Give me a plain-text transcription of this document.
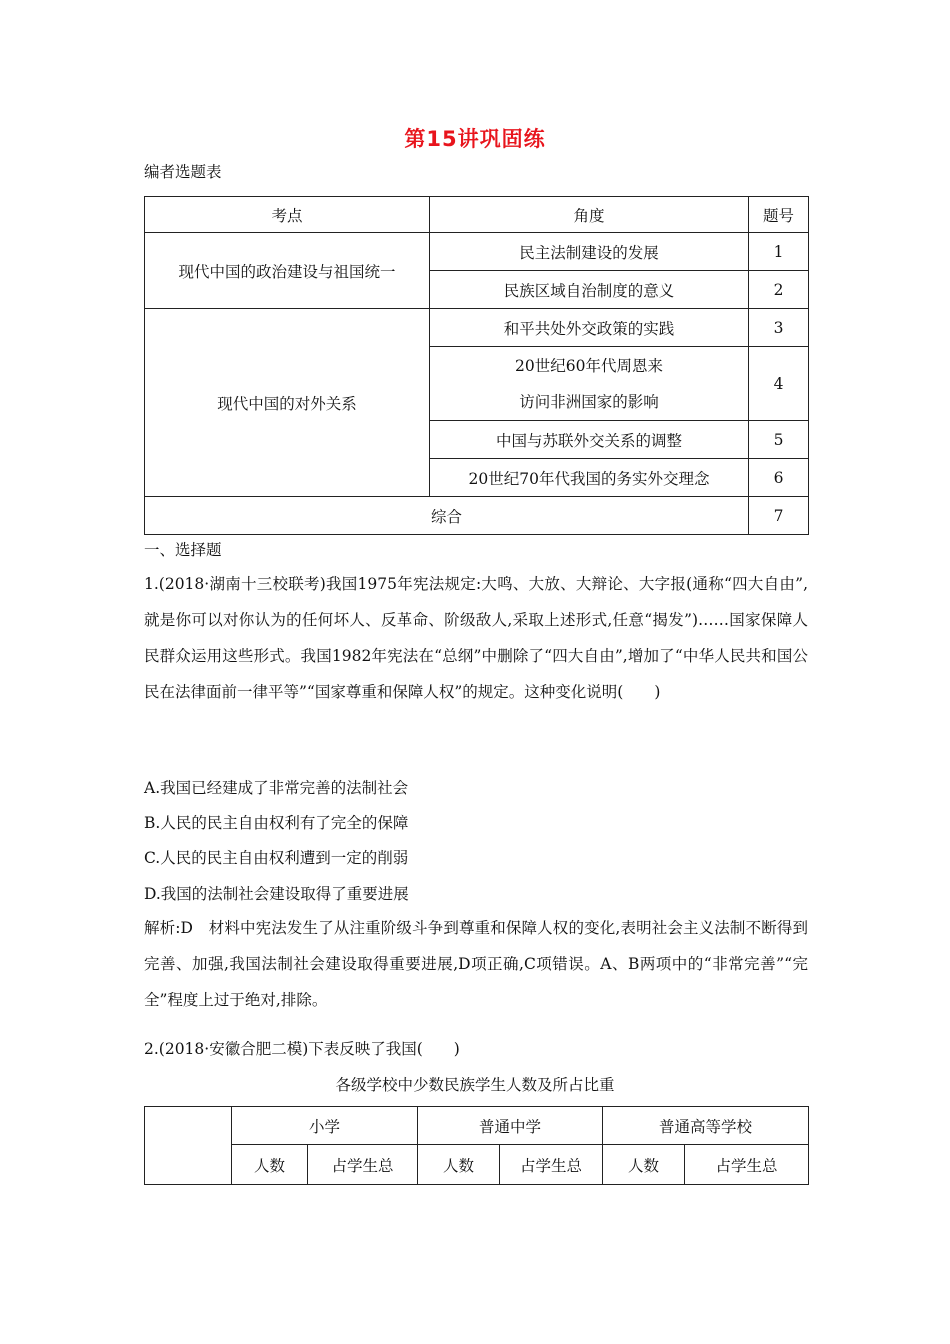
第15讲巩固练
编者选题表
考点	角度	题号
现代中国的政治建设与祖国统一	民主法制建设的发展	1
	民族区域自治制度的意义	2
现代中国的对外关系	和平共处外交政策的实践	3

	20世纪60年代周恩来
访问非洲国家的影响	4
	中国与苏联外交关系的调整	5
	20世纪70年代我国的务实外交理念	6
综合		7
一、选择题
1.(2018·湖南十三校联考)我国1975年宪法规定:大鸣、大放、大辩论、大字报(通称“四大自由”,就是你可以对你认为的任何坏人、反革命、阶级敌人,采取上述形式,任意“揭发”)……国家保障人民群众运用这些形式。我国1982年宪法在“总纲”中删除了“四大自由”,增加了“中华人民共和国公民在法律面前一律平等”“国家尊重和保障人权”的规定。这种变化说明(　　)
A.我国已经建成了非常完善的法制社会
B.人民的民主自由权利有了完全的保障
C.人民的民主自由权利遭到一定的削弱
D.我国的法制社会建设取得了重要进展
解析:D　材料中宪法发生了从注重阶级斗争到尊重和保障人权的变化,表明社会主义法制不断得到完善、加强,我国法制社会建设取得重要进展,D项正确,C项错误。A、B两项中的“非常完善”“完全”程度上过于绝对,排除。
2.(2018·安徽合肥二模)下表反映了我国(　　)
各级学校中少数民族学生人数及所占比重
	小学		普通中学		普通高等学校	
	人数	占学生总	人数	占学生总	人数	占学生总
